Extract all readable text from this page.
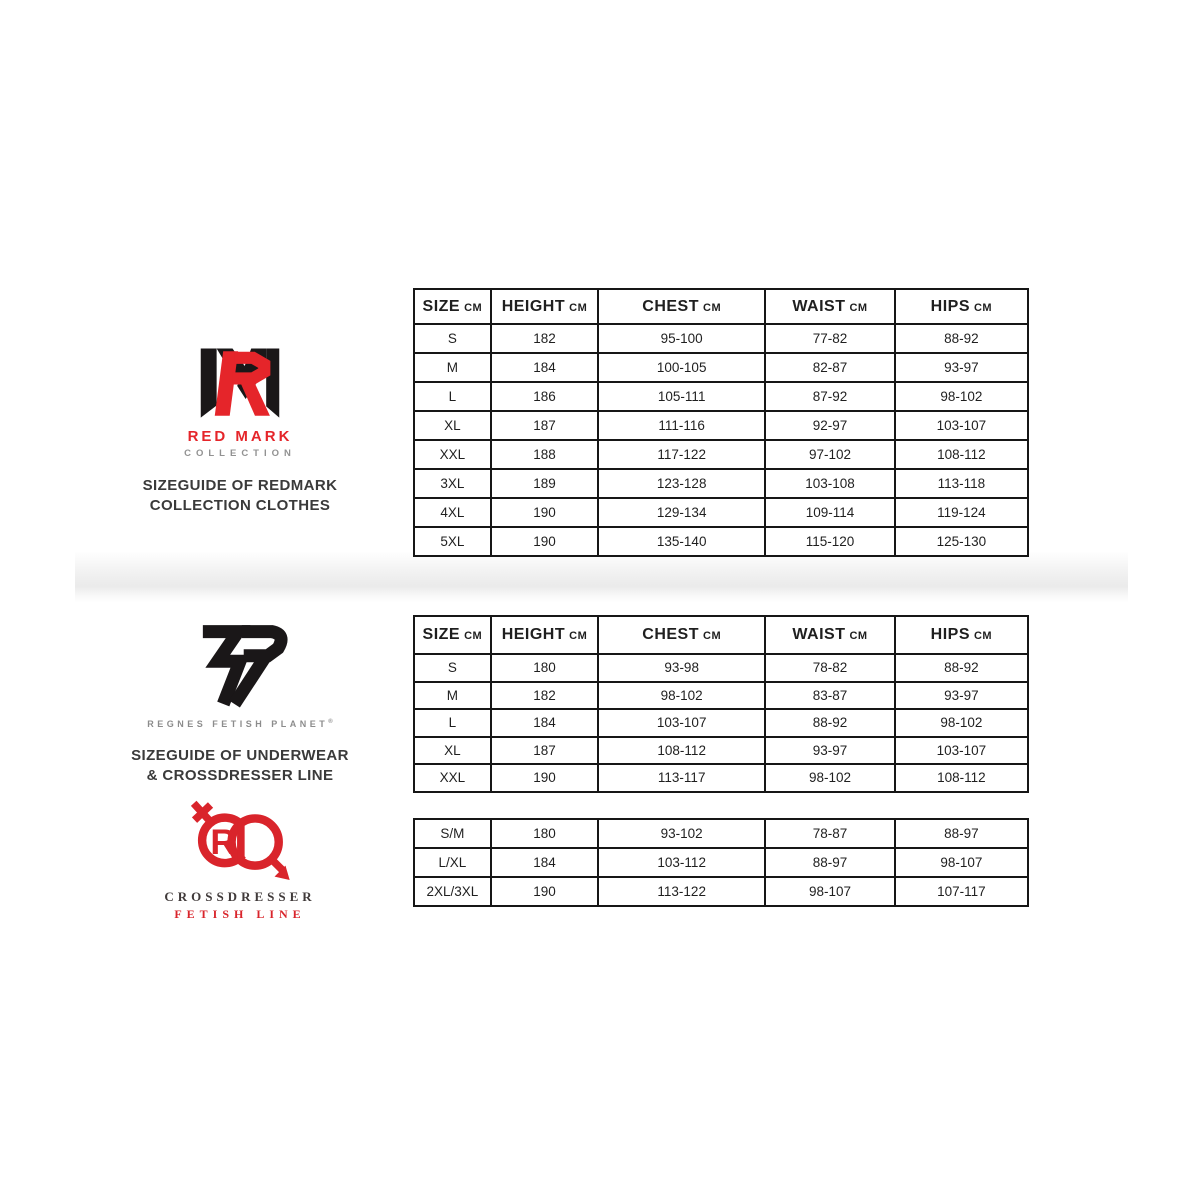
RED MARK
COLLECTION
SIZEGUIDE OF REDMARK
COLLECTION CLOTHES
REGNES FETISH PLANET®
SIZEGUIDE OF UNDERWEAR
& CROSSDRESSER LINE
R
CROSSDRESSER
FETISH LINE
SIZE CM	HEIGHT CM	CHEST CM	WAIST CM	HIPS CM
S	182	95-100	77-82	88-92
M	184	100-105	82-87	93-97
L	186	105-111	87-92	98-102
XL	187	111-116	92-97	103-107
XXL	188	117-122	97-102	108-112
3XL	189	123-128	103-108	113-118
4XL	190	129-134	109-114	119-124
5XL	190	135-140	115-120	125-130
SIZE CM	HEIGHT CM	CHEST CM	WAIST CM	HIPS CM
S	180	93-98	78-82	88-92
M	182	98-102	83-87	93-97
L	184	103-107	88-92	98-102
XL	187	108-112	93-97	103-107
XXL	190	113-117	98-102	108-112
S/M	180	93-102	78-87	88-97
L/XL	184	103-112	88-97	98-107
2XL/3XL	190	113-122	98-107	107-117
